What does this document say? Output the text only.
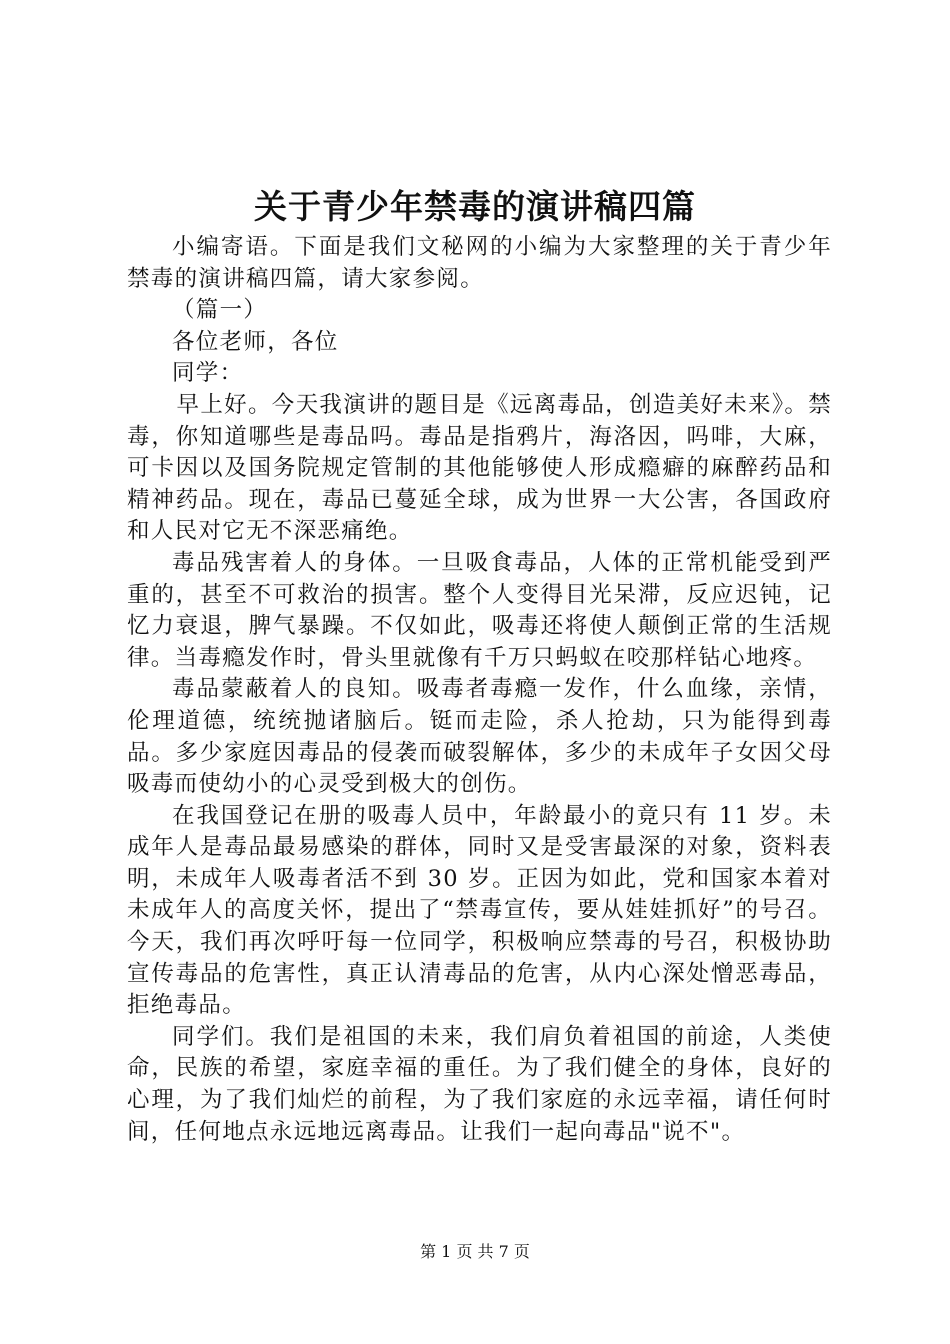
关于青少年禁毒的演讲稿四篇

小编寄语。下面是我们文秘网的小编为大家整理的关于青少年禁毒的演讲稿四篇，请大家参阅。

（篇一）

各位老师，各位

同学：

早上好。今天我演讲的题目是《远离毒品，创造美好未来》。禁毒，你知道哪些是毒品吗。毒品是指鸦片，海洛因，吗啡，大麻，可卡因以及国务院规定管制的其他能够使人形成瘾癖的麻醉药品和精神药品。现在，毒品已蔓延全球，成为世界一大公害，各国政府和人民对它无不深恶痛绝。

毒品残害着人的身体。一旦吸食毒品，人体的正常机能受到严重的，甚至不可救治的损害。整个人变得目光呆滞，反应迟钝，记忆力衰退，脾气暴躁。不仅如此，吸毒还将使人颠倒正常的生活规律。当毒瘾发作时，骨头里就像有千万只蚂蚁在咬那样钻心地疼。

毒品蒙蔽着人的良知。吸毒者毒瘾一发作，什么血缘，亲情，伦理道德，统统抛诸脑后。铤而走险，杀人抢劫，只为能得到毒品。多少家庭因毒品的侵袭而破裂解体，多少的未成年子女因父母吸毒而使幼小的心灵受到极大的创伤。

在我国登记在册的吸毒人员中，年龄最小的竟只有 11 岁。未成年人是毒品最易感染的群体，同时又是受害最深的对象，资料表明，未成年人吸毒者活不到 30 岁。正因为如此，党和国家本着对未成年人的高度关怀，提出了“禁毒宣传，要从娃娃抓好”的号召。今天，我们再次呼吁每一位同学，积极响应禁毒的号召，积极协助宣传毒品的危害性，真正认清毒品的危害，从内心深处憎恶毒品，拒绝毒品。

同学们。我们是祖国的未来，我们肩负着祖国的前途，人类使命，民族的希望，家庭幸福的重任。为了我们健全的身体，良好的心理，为了我们灿烂的前程，为了我们家庭的永远幸福，请任何时间，任何地点永远地远离毒品。让我们一起向毒品"说不"。

第 1 页 共 7 页
